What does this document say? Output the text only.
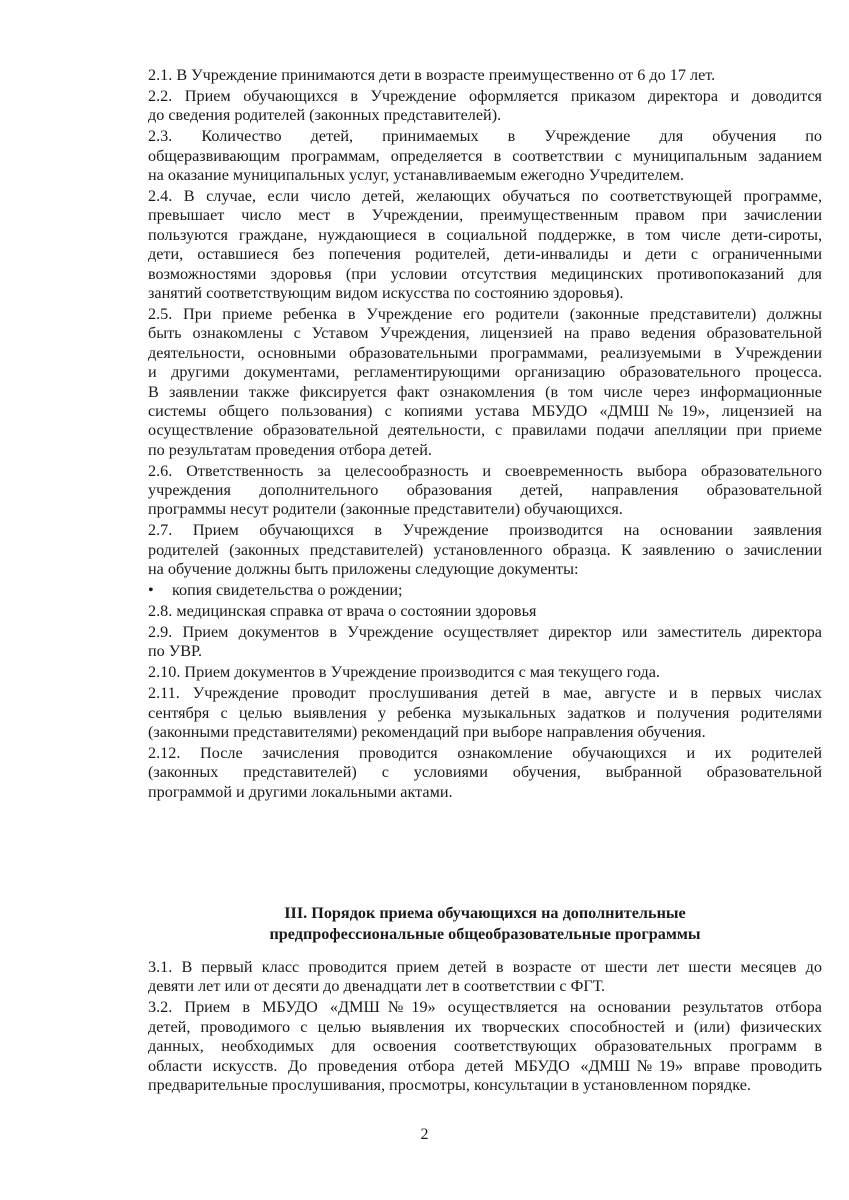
2.1. В Учреждение принимаются дети в возрасте преимущественно от 6 до 17 лет.
2.2. Прием обучающихся в Учреждение оформляется приказом директора и доводится
до сведения родителей (законных представителей).
2.3. Количество детей, принимаемых в Учреждение для обучения по
общеразвивающим программам, определяется в соответствии с муниципальным заданием
на оказание муниципальных услуг, устанавливаемым ежегодно Учредителем.
2.4. В случае, если число детей, желающих обучаться по соответствующей программе,
превышает число мест в Учреждении, преимущественным правом при зачислении
пользуются граждане, нуждающиеся в социальной поддержке, в том числе дети-сироты,
дети, оставшиеся без попечения родителей, дети-инвалиды и дети с ограниченными
возможностями здоровья (при условии отсутствия медицинских противопоказаний для
занятий соответствующим видом искусства по состоянию здоровья).
2.5. При приеме ребенка в Учреждение его родители (законные представители) должны
быть ознакомлены с Уставом Учреждения, лицензией на право ведения образовательной
деятельности, основными образовательными программами, реализуемыми в Учреждении
и другими документами, регламентирующими организацию образовательного процесса.
В заявлении также фиксируется факт ознакомления (в том числе через информационные
системы общего пользования) с копиями устава МБУДО «ДМШ№19», лицензией на
осуществление образовательной деятельности, с правилами подачи апелляции при приеме
по результатам проведения отбора детей.
2.6. Ответственность за целесообразность и своевременность выбора образовательного
учреждения дополнительного образования детей, направления образовательной
программы несут родители (законные представители) обучающихся.
2.7. Прием обучающихся в Учреждение производится на основании заявления
родителей (законных представителей) установленного образца. К заявлению о зачислении
на обучение должны быть приложены следующие документы:
•	копия свидетельства о рождении;
2.8. медицинская справка от врача о состоянии здоровья
2.9. Прием документов в Учреждение осуществляет директор или заместитель директора
по УВР.
2.10. Прием документов в Учреждение производится с мая текущего года.
2.11. Учреждение проводит прослушивания детей в мае, августе и в первых числах
сентября с целью выявления у ребенка музыкальных задатков и получения родителями
(законными представителями) рекомендаций при выборе направления обучения.
2.12. После зачисления проводится ознакомление обучающихся и их родителей
(законных представителей) с условиями обучения, выбранной образовательной
программой и другими локальными актами.
III. Порядок приема обучающихся на дополнительные
предпрофессиональные общеобразовательные программы
3.1. В первый класс проводится прием детей в возрасте от шести лет шести месяцев до
девяти лет или от десяти до двенадцати лет в соответствии с ФГТ.
3.2. Прием в МБУДО «ДМШ№19» осуществляется на основании результатов отбора
детей, проводимого с целью выявления их творческих способностей и (или) физических
данных, необходимых для освоения соответствующих образовательных программ в
области искусств. До проведения отбора детей МБУДО «ДМШ№19» вправе проводить
предварительные прослушивания, просмотры, консультации в установленном порядке.
2
